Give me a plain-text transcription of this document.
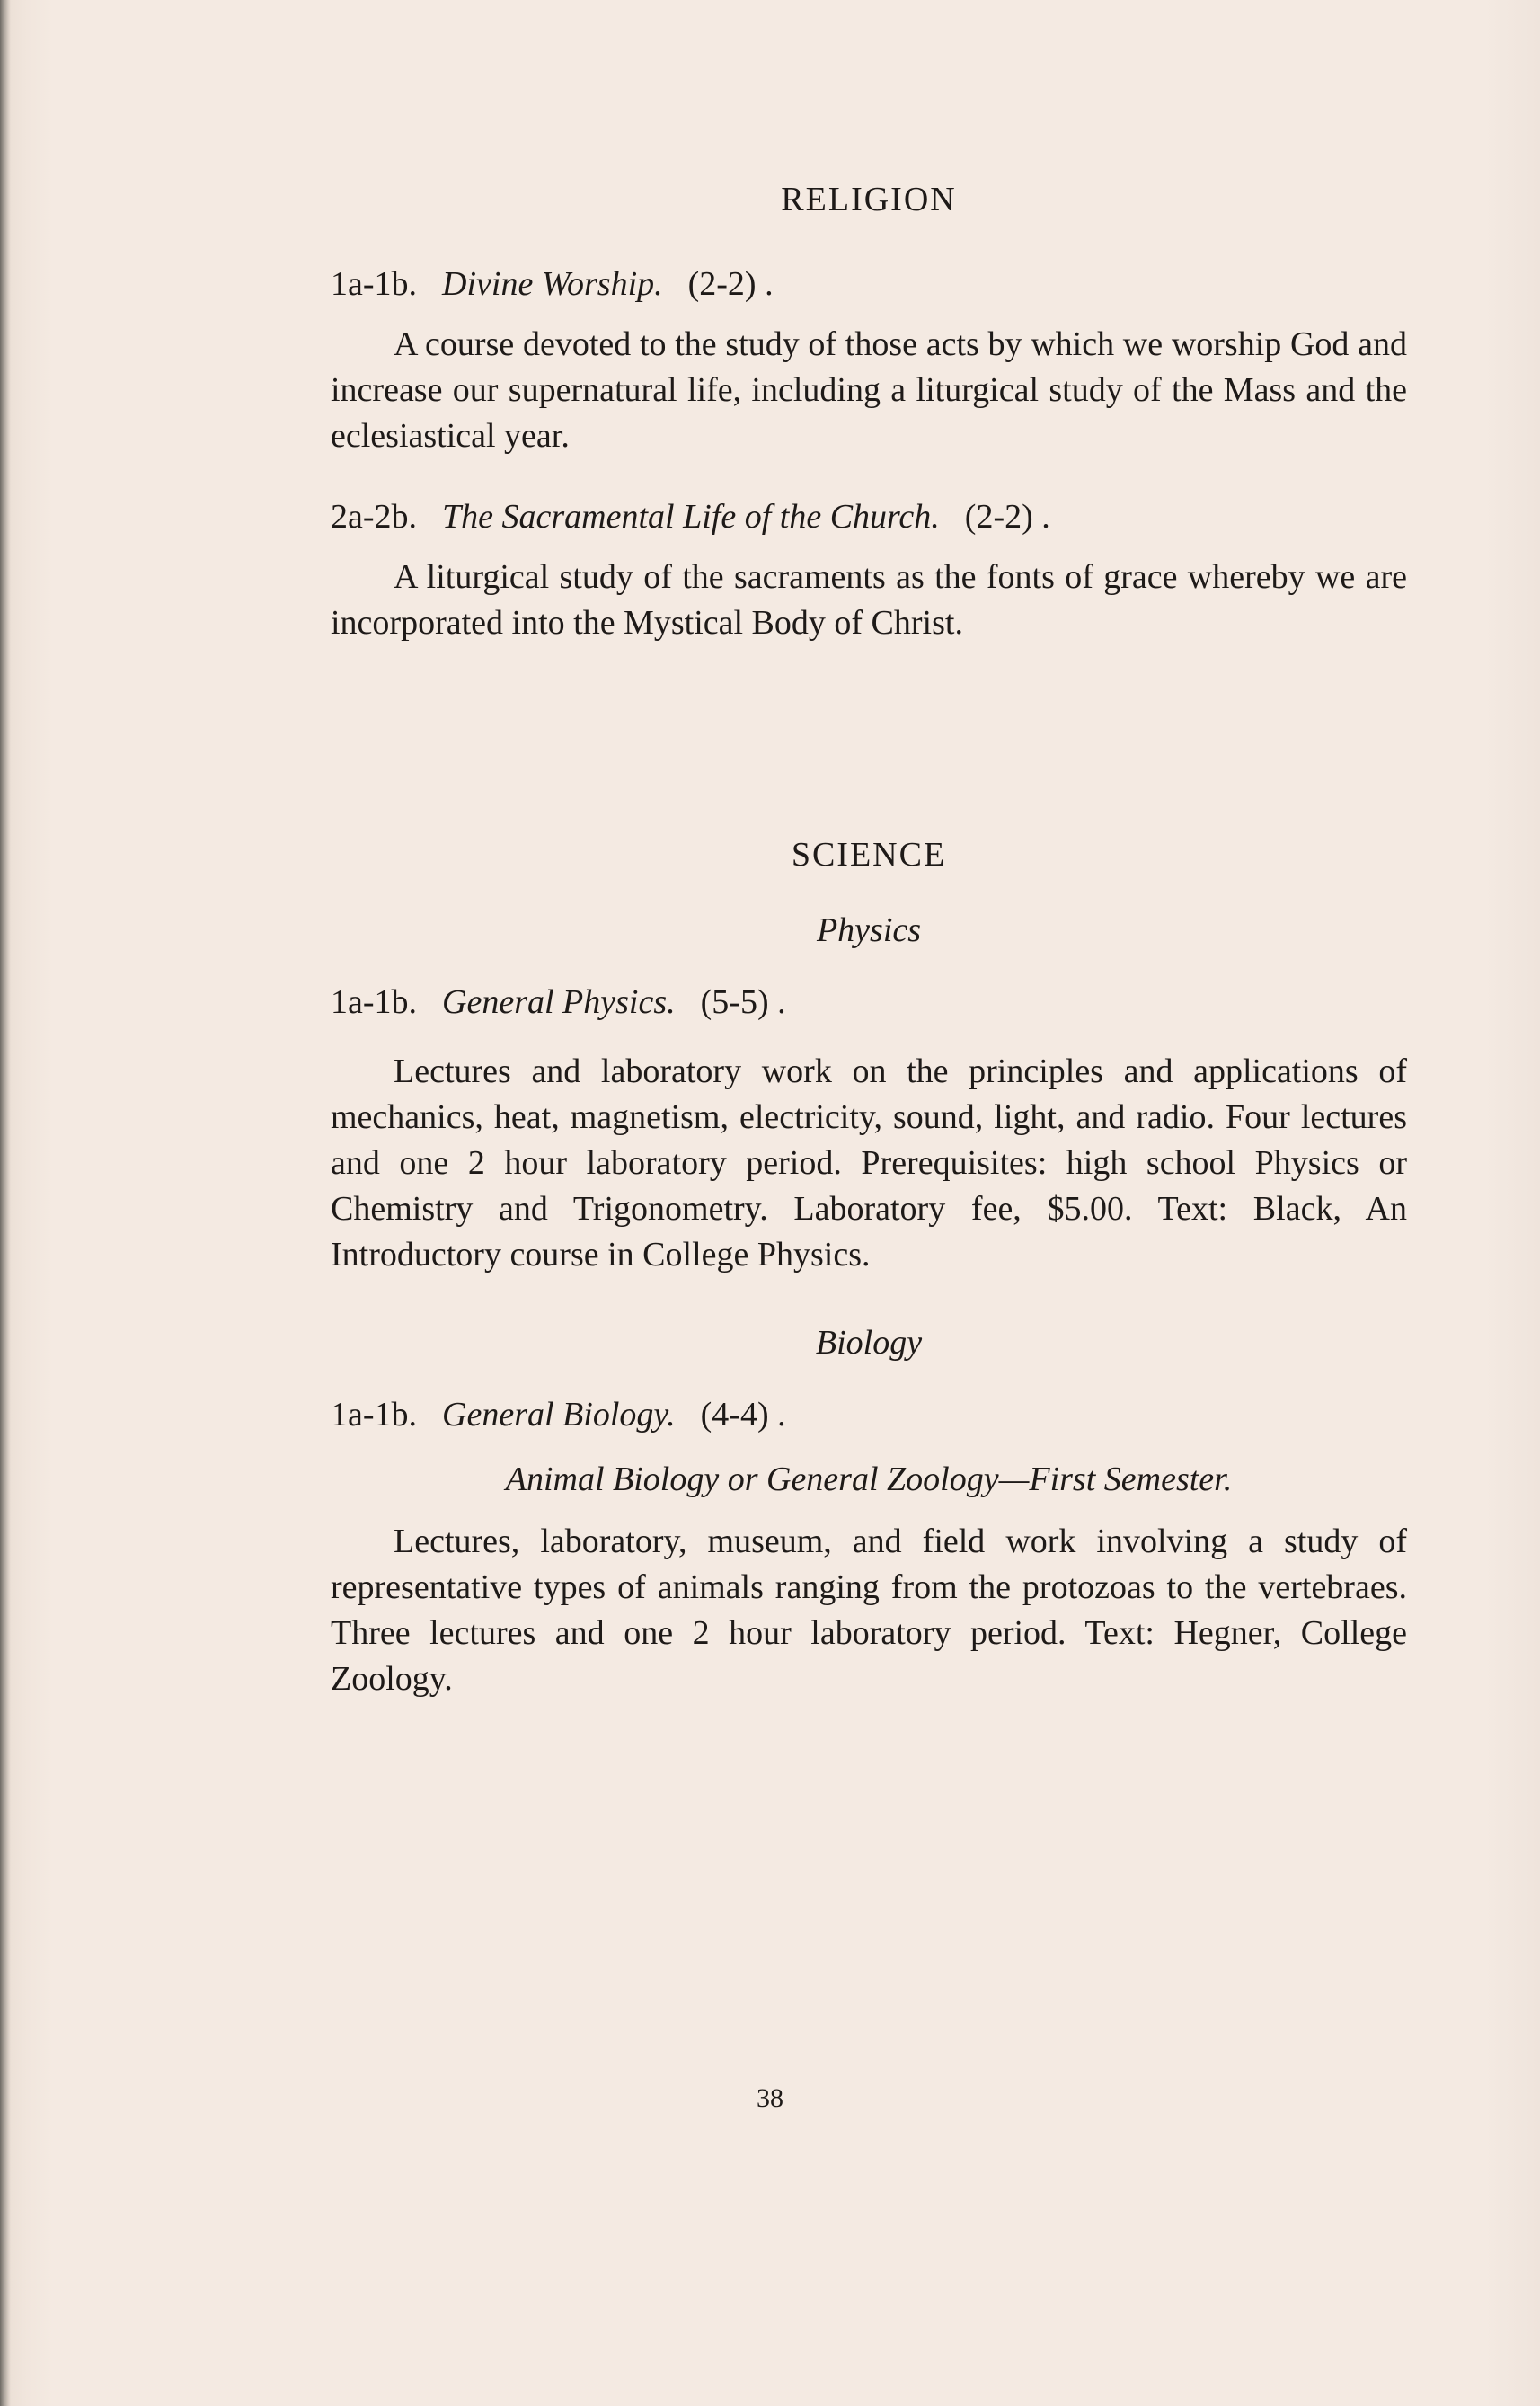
RELIGION
1a-1b. Divine Worship. (2-2) .

A course devoted to the study of those acts by which we worship God and increase our supernatural life, including a liturgical study of the Mass and the eclesiastical year.

2a-2b. The Sacramental Life of the Church. (2-2) .

A liturgical study of the sacraments as the fonts of grace whereby we are incorporated into the Mystical Body of Christ.

SCIENCE
Physics
1a-1b. General Physics. (5-5) .

Lectures and laboratory work on the principles and applications of mechanics, heat, magnetism, electricity, sound, light, and radio. Four lectures and one 2 hour laboratory period. Prerequisites: high school Physics or Chemistry and Trigonometry. Laboratory fee, $5.00. Text: Black, An Introductory course in College Physics.

Biology
1a-1b. General Biology. (4-4) .

Animal Biology or General Zoology—First Semester.

Lectures, laboratory, museum, and field work involving a study of representative types of animals ranging from the protozoas to the vertebraes. Three lectures and one 2 hour laboratory period. Text: Hegner, College Zoology.

38
